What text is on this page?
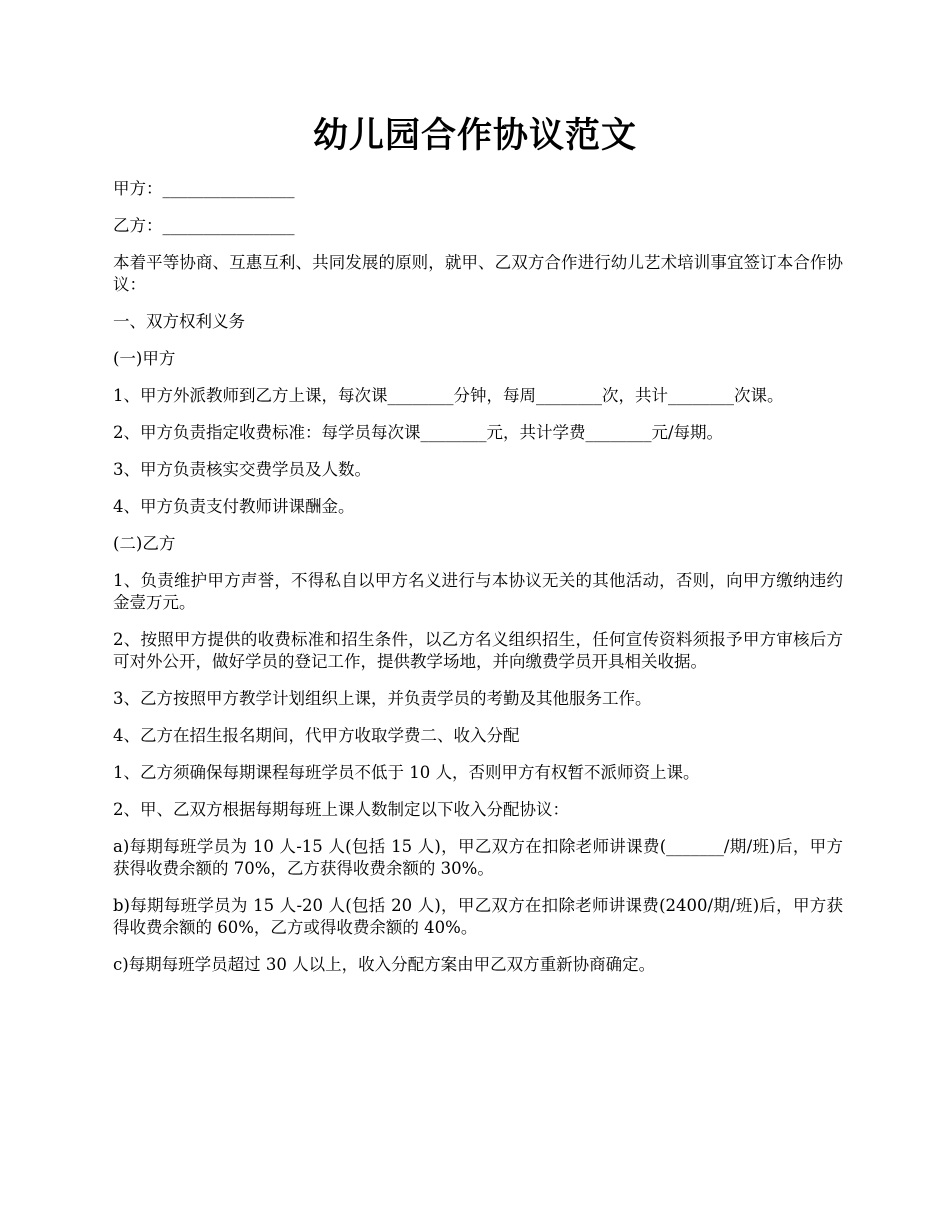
幼儿园合作协议范文

甲方：________________

乙方：________________

本着平等协商、互惠互利、共同发展的原则，就甲、乙双方合作进行幼儿艺术培训事宜签订本合作协议：

一、双方权利义务

(一)甲方

1、甲方外派教师到乙方上课，每次课________分钟，每周________次，共计________次课。

2、甲方负责指定收费标准：每学员每次课________元，共计学费________元/每期。

3、甲方负责核实交费学员及人数。

4、甲方负责支付教师讲课酬金。

(二)乙方

1、负责维护甲方声誉，不得私自以甲方名义进行与本协议无关的其他活动，否则，向甲方缴纳违约金壹万元。

2、按照甲方提供的收费标准和招生条件，以乙方名义组织招生，任何宣传资料须报予甲方审核后方可对外公开，做好学员的登记工作，提供教学场地，并向缴费学员开具相关收据。

3、乙方按照甲方教学计划组织上课，并负责学员的考勤及其他服务工作。

4、乙方在招生报名期间，代甲方收取学费二、收入分配

1、乙方须确保每期课程每班学员不低于 10 人，否则甲方有权暂不派师资上课。

2、甲、乙双方根据每期每班上课人数制定以下收入分配协议：

a)每期每班学员为 10 人-15 人(包括 15 人)，甲乙双方在扣除老师讲课费(_______/期/班)后，甲方获得收费余额的 70%，乙方获得收费余额的 30%。

b)每期每班学员为 15 人-20 人(包括 20 人)，甲乙双方在扣除老师讲课费(2400/期/班)后，甲方获得收费余额的 60%，乙方或得收费余额的 40%。

c)每期每班学员超过 30 人以上，收入分配方案由甲乙双方重新协商确定。
